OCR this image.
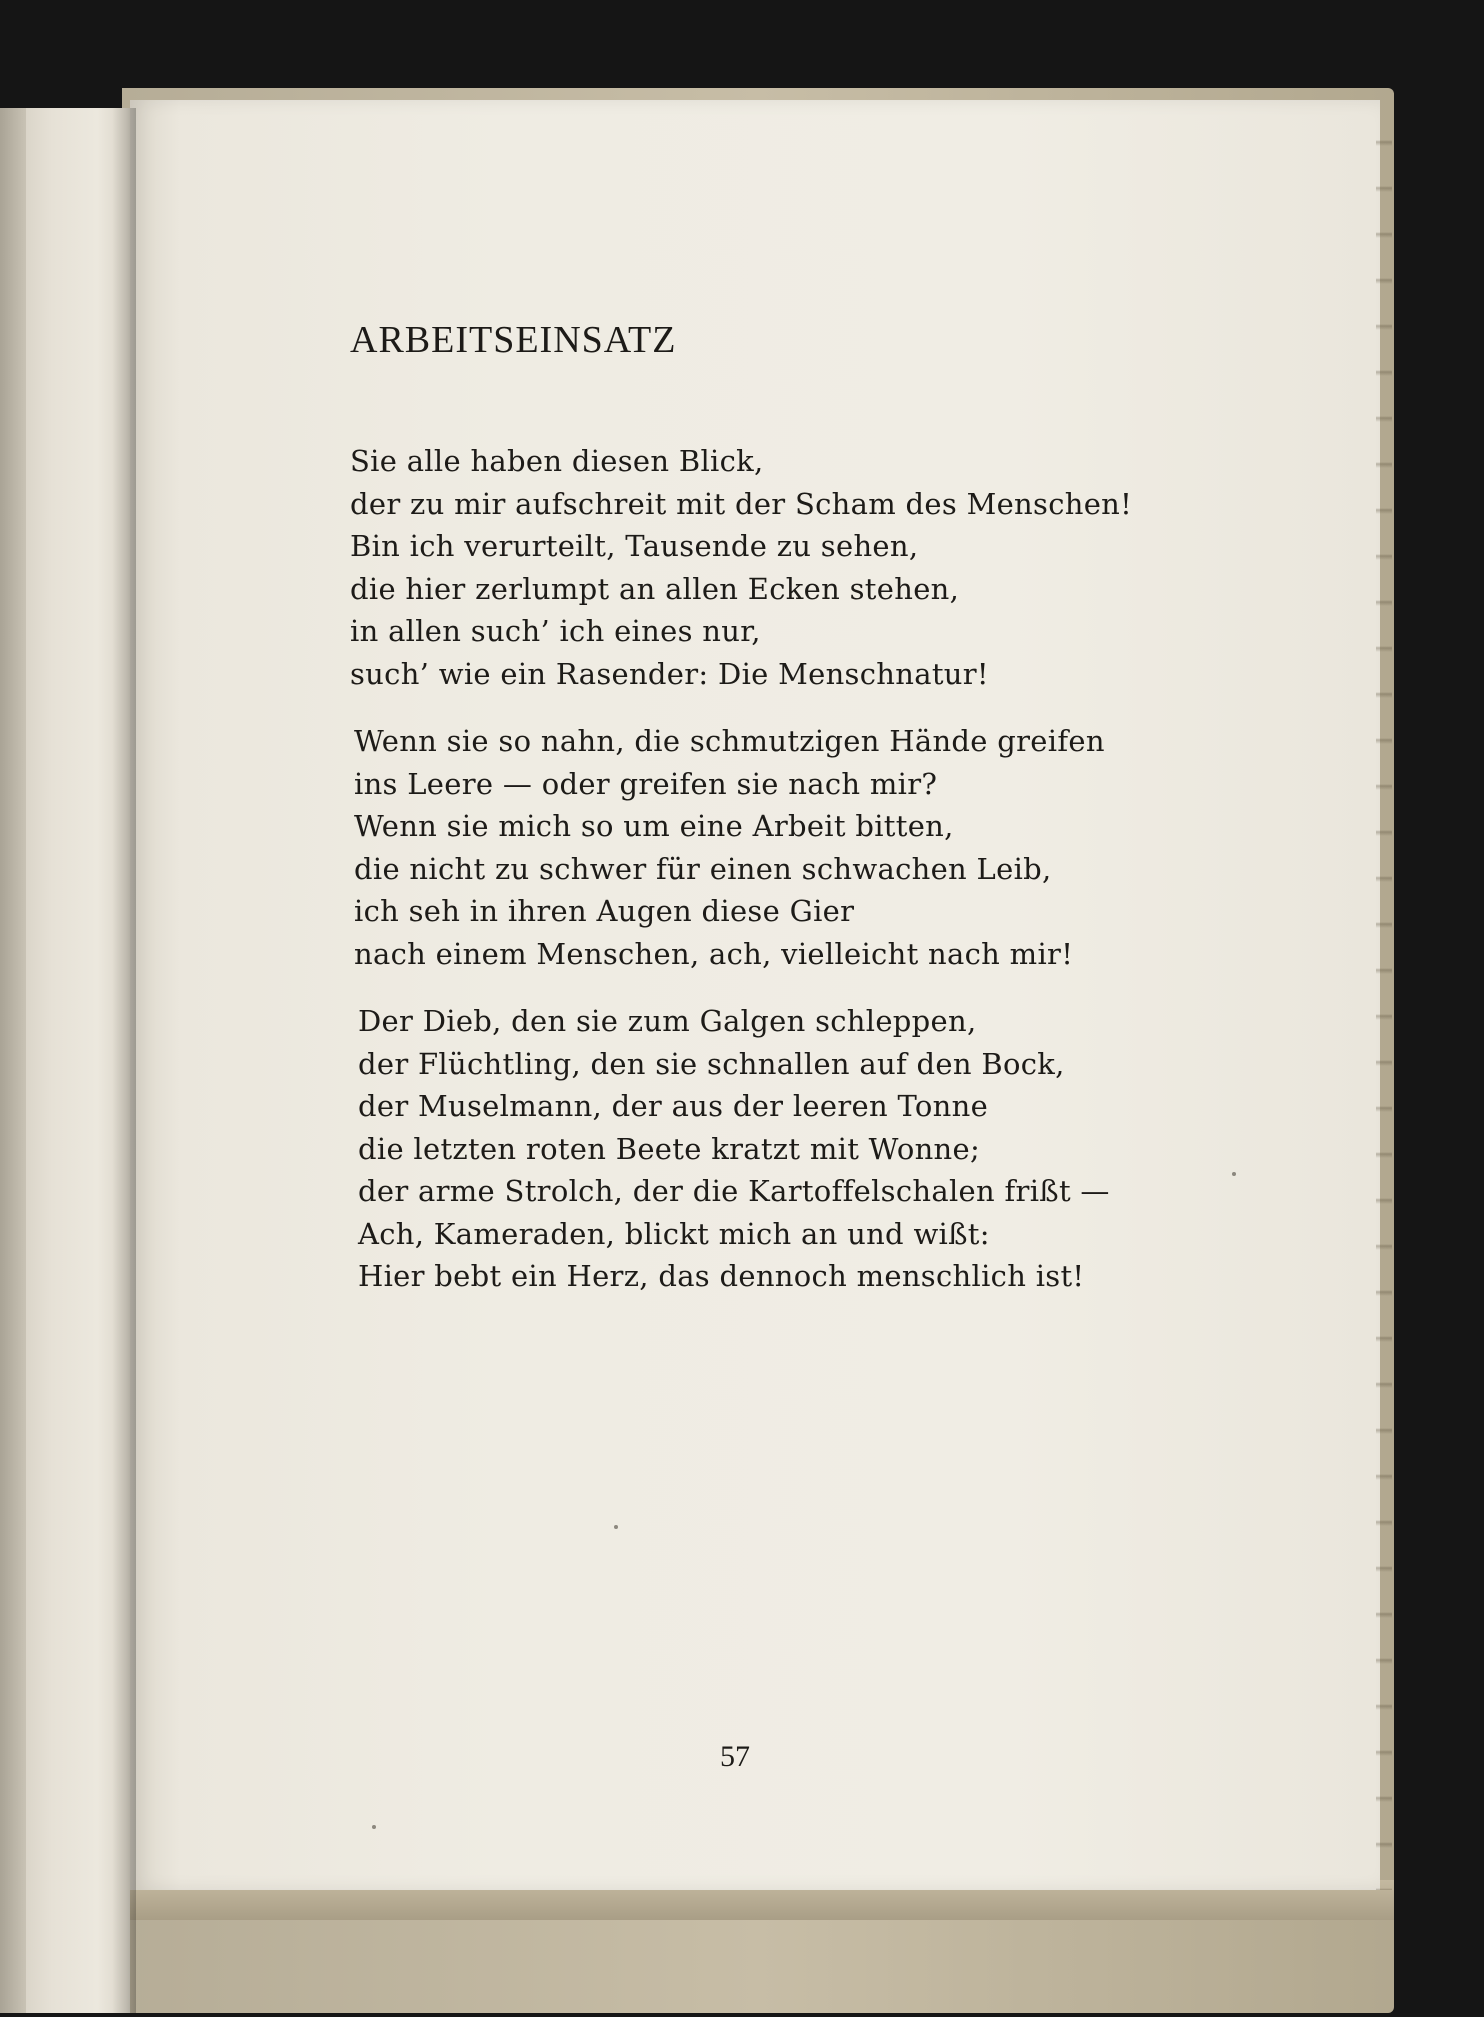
ARBEITSEINSATZ

Sie alle haben diesen Blick,
der zu mir aufschreit mit der Scham des Menschen!
Bin ich verurteilt, Tausende zu sehen,
die hier zerlumpt an allen Ecken stehen,
in allen such’ ich eines nur,
such’ wie ein Rasender: Die Menschnatur!

Wenn sie so nahn, die schmutzigen Hände greifen
ins Leere — oder greifen sie nach mir?
Wenn sie mich so um eine Arbeit bitten,
die nicht zu schwer für einen schwachen Leib,
ich seh in ihren Augen diese Gier
nach einem Menschen, ach, vielleicht nach mir!

Der Dieb, den sie zum Galgen schleppen,
der Flüchtling, den sie schnallen auf den Bock,
der Muselmann, der aus der leeren Tonne
die letzten roten Beete kratzt mit Wonne;
der arme Strolch, der die Kartoffelschalen frißt —
Ach, Kameraden, blickt mich an und wißt:
Hier bebt ein Herz, das dennoch menschlich ist!

57
